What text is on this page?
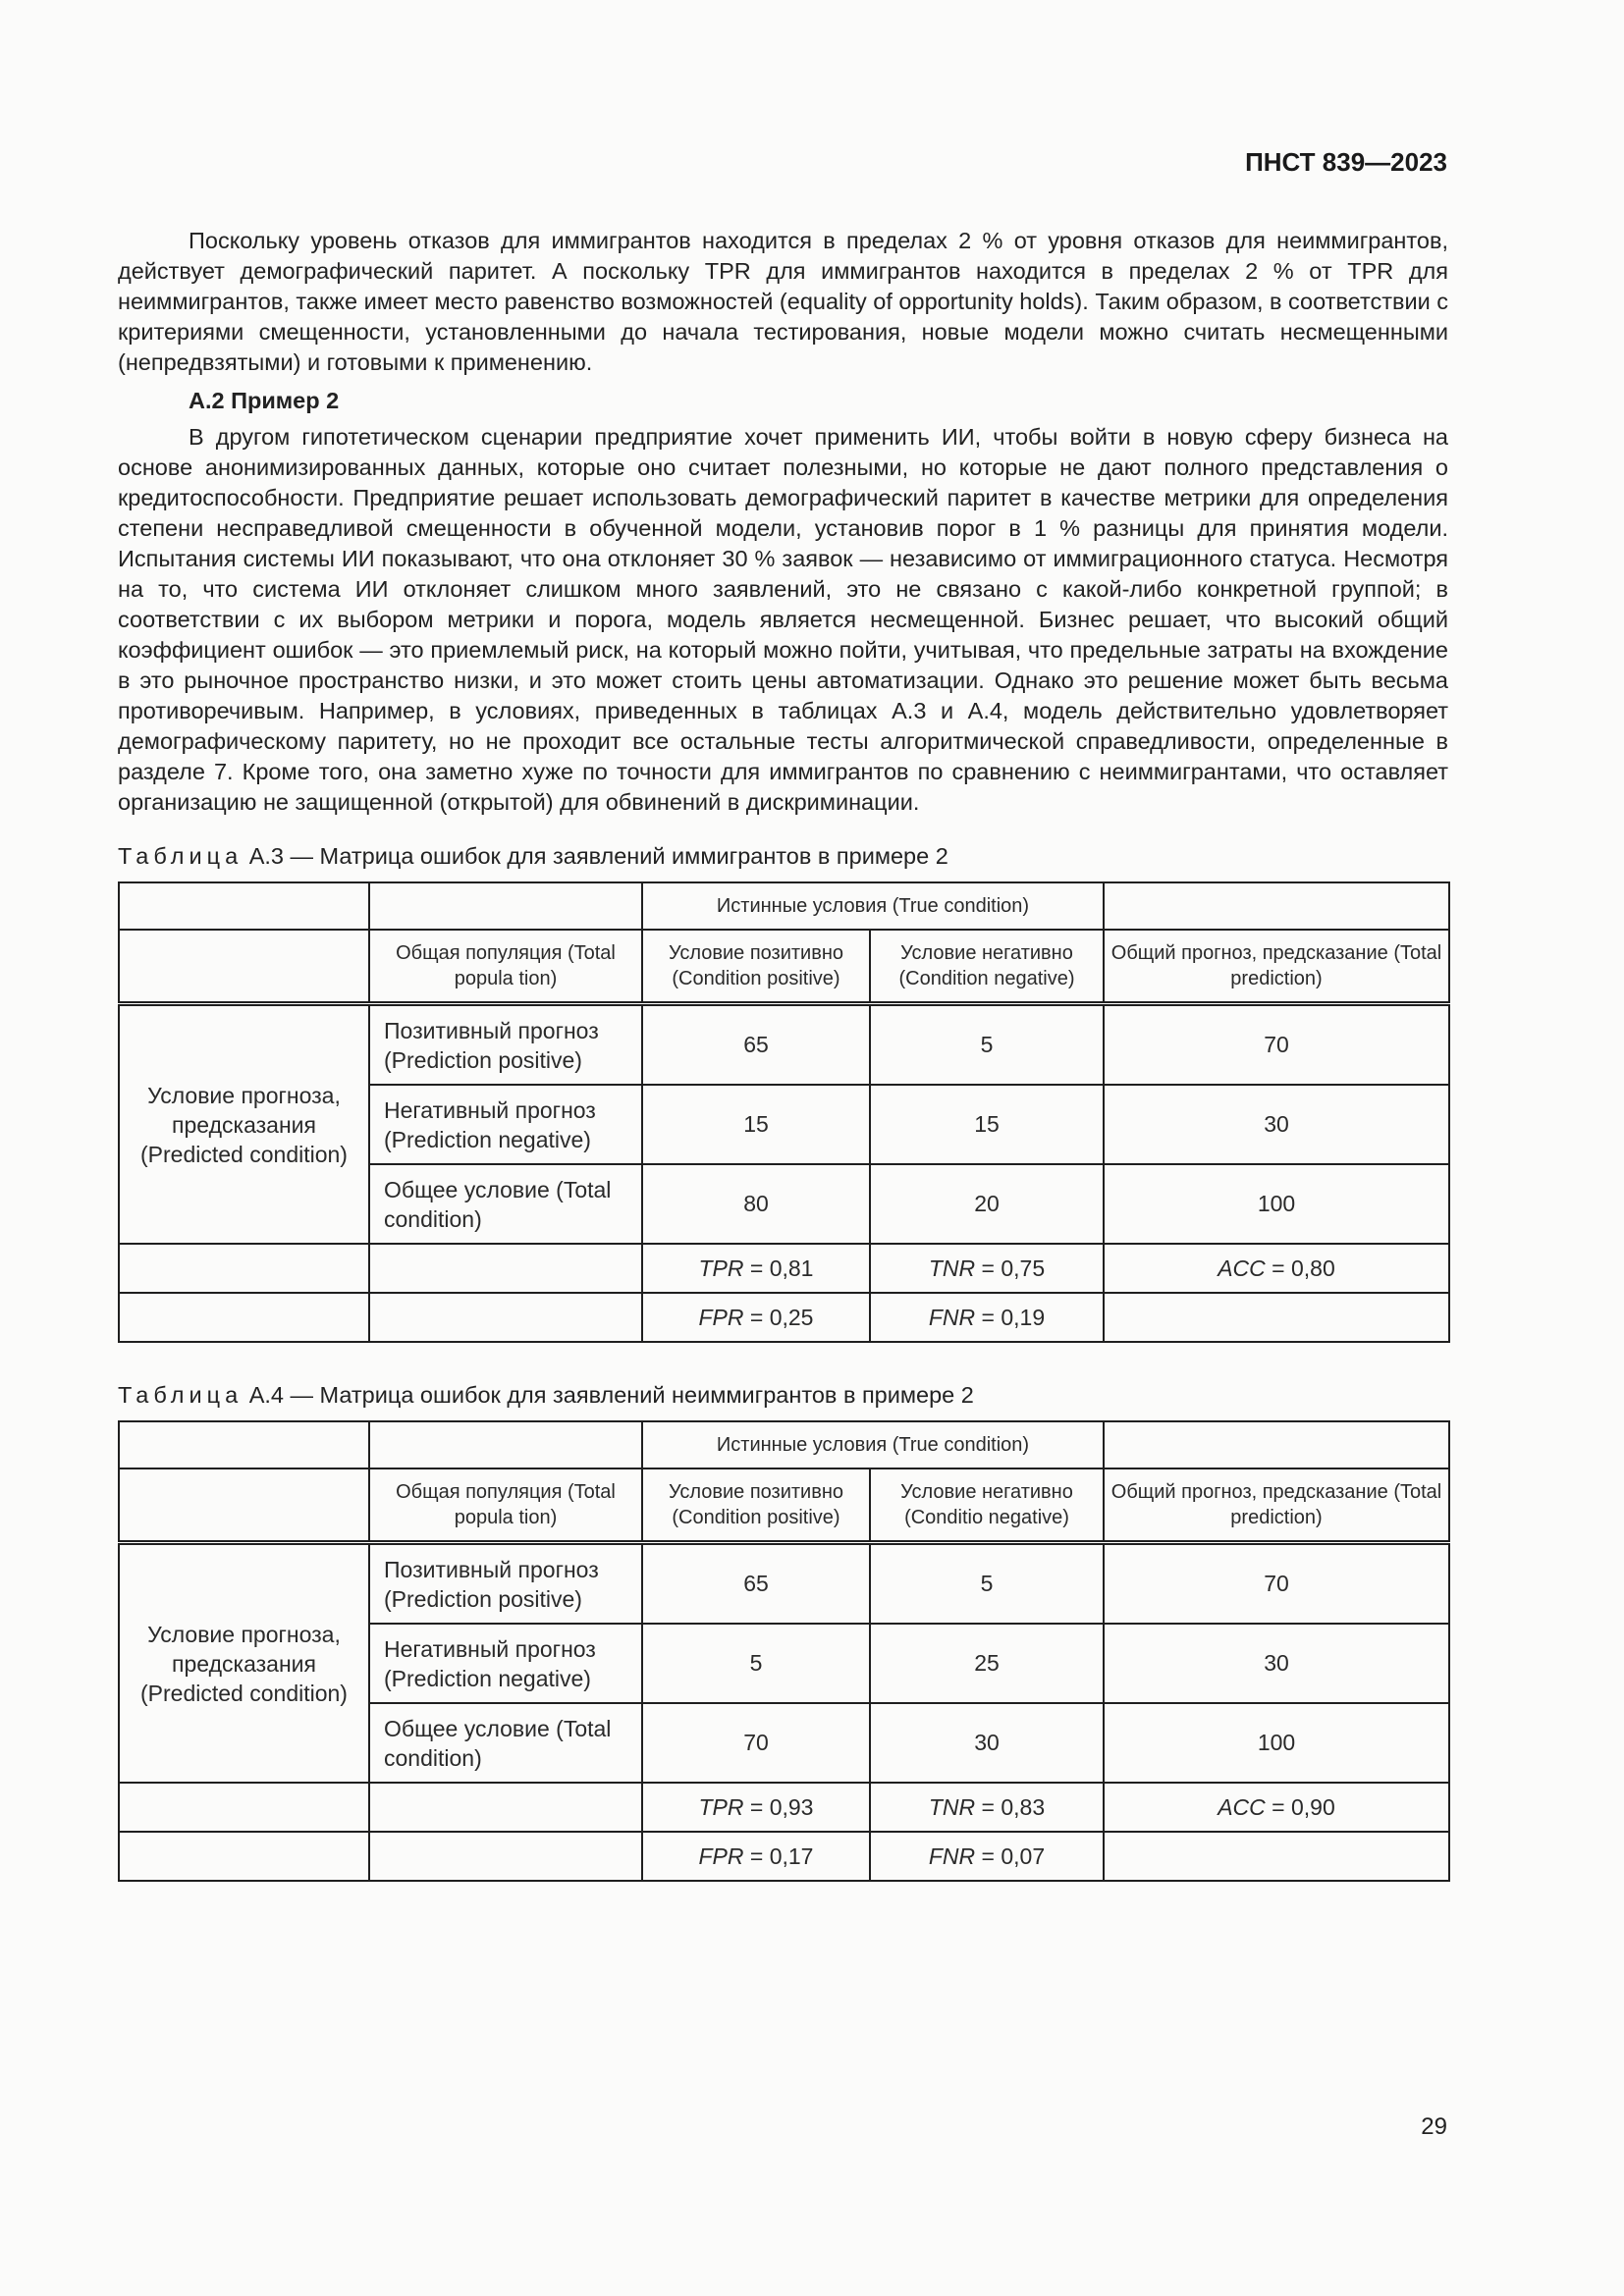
ПНСТ 839—2023

Поскольку уровень отказов для иммигрантов находится в пределах 2 % от уровня отказов для неиммигрантов, действует демографический паритет. А поскольку TPR для иммигрантов находится в пределах 2 % от TPR для неиммигрантов, также имеет место равенство возможностей (equality of opportunity holds). Таким образом, в соответствии с критериями смещенности, установленными до начала тестирования, новые модели можно считать несмещенными (непредвзятыми) и готовыми к применению.

А.2 Пример 2

В другом гипотетическом сценарии предприятие хочет применить ИИ, чтобы войти в новую сферу бизнеса на основе анонимизированных данных, которые оно считает полезными, но которые не дают полного представления о кредитоспособности. Предприятие решает использовать демографический паритет в качестве метрики для определения степени несправедливой смещенности в обученной модели, установив порог в 1 % разницы для принятия модели. Испытания системы ИИ показывают, что она отклоняет 30 % заявок — независимо от иммиграционного статуса. Несмотря на то, что система ИИ отклоняет слишком много заявлений, это не связано с какой-либо конкретной группой; в соответствии с их выбором метрики и порога, модель является несмещенной. Бизнес решает, что высокий общий коэффициент ошибок — это приемлемый риск, на который можно пойти, учитывая, что предельные затраты на вхождение в это рыночное пространство низки, и это может стоить цены автоматизации. Однако это решение может быть весьма противоречивым. Например, в условиях, приведенных в таблицах А.3 и А.4, модель действительно удовлетворяет демографическому паритету, но не проходит все остальные тесты алгоритмической справедливости, определенные в разделе 7. Кроме того, она заметно хуже по точности для иммигрантов по сравнению с неиммигрантами, что оставляет организацию не защищенной (открытой) для обвинений в дискриминации.

Таблица А.3 — Матрица ошибок для заявлений иммигрантов в примере 2
		Истинные условия (True condition)		
	Общая популяция (Total popula tion)	Условие позитивно (Condition positive)	Условие негативно (Condition negative)	Общий прогноз, предсказание (Total prediction)
Условие прогноза, предсказания (Predicted condition)	Позитивный прогноз (Prediction positive)	65	5	70
	Негативный прогноз (Prediction negative)	15	15	30
	Общее условие (Total condition)	80	20	100
		TPR = 0,81	TNR = 0,75	ACC = 0,80
		FPR = 0,25	FNR = 0,19	
Таблица А.4 — Матрица ошибок для заявлений неиммигрантов в примере 2
		Истинные условия (True condition)		
	Общая популяция (Total popula tion)	Условие позитивно (Condition positive)	Условие негативно (Conditio negative)	Общий прогноз, предсказание (Total prediction)
Условие прогноза, предсказания (Predicted condition)	Позитивный прогноз (Prediction positive)	65	5	70
	Негативный прогноз (Prediction negative)	5	25	30
	Общее условие (Total condition)	70	30	100
		TPR = 0,93	TNR = 0,83	ACC = 0,90
		FPR = 0,17	FNR = 0,07	
29
